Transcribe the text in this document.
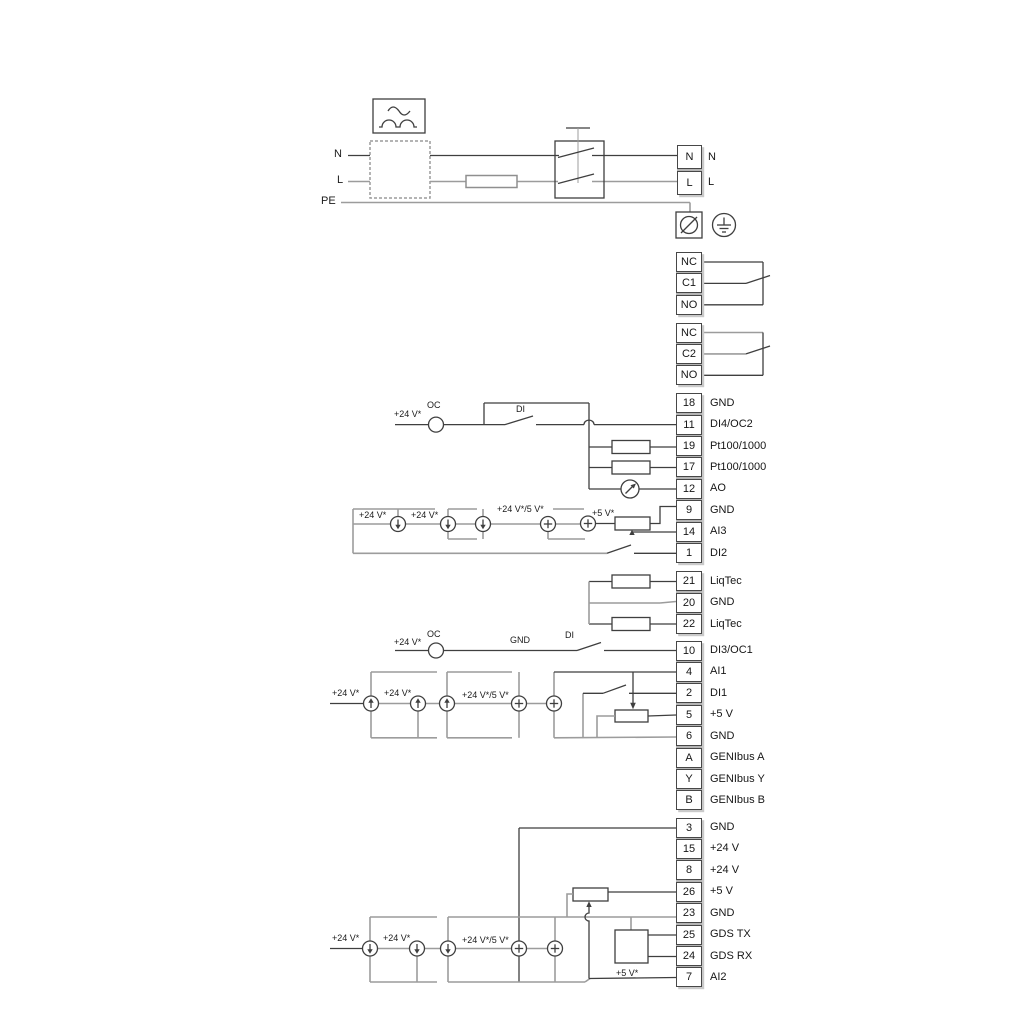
N	N
L	L
NC
C1
NO
NC
C2
NO
18	GND
11	DI4/OC2
19	Pt100/1000
17	Pt100/1000
12	AO
9	GND
14	AI3
1	DI2
21	LiqTec
20	GND
22	LiqTec
10	DI3/OC1
4	AI1
2	DI1
5	+5 V
6	GND
A	GENIbus A
Y	GENIbus Y
B	GENIbus B
3	GND
15	+24 V
8	+24 V
26	+5 V
23	GND
25	GDS TX
24	GDS RX
7	AI2
N
L
PE
+24 V*
OC	DI
+24 V*	+24 V*
+24 V*/5 V*	+5 V*
+24 V*
OC
GND	DI
+24 V*	+24 V*	+24 V*/5 V*
+24 V*	+24 V*	+24 V*/5 V*
+5 V*
